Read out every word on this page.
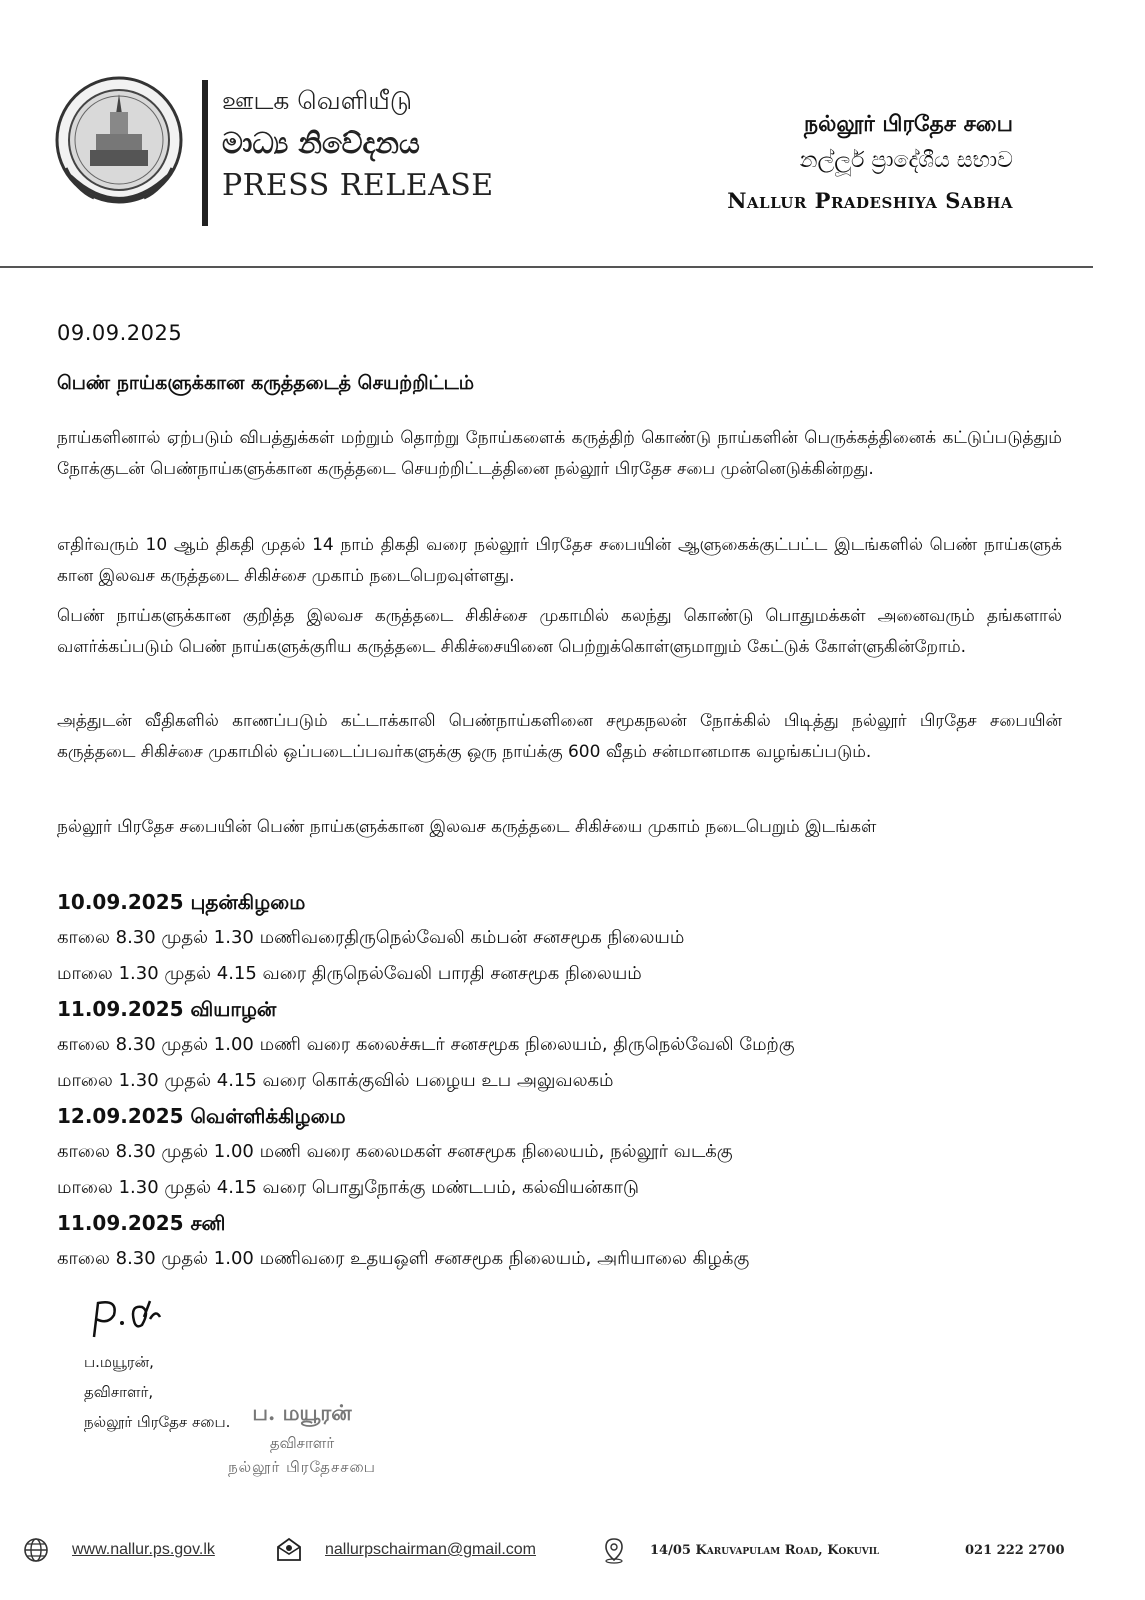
ஊடக வெளியீடு
මාධ්‍ය නිවේදනය
PRESS RELEASE
நல்லூர் பிரதேச சபை
නල්ලූර් ප්‍රාදේශීය සභාව
Nallur Pradeshiya Sabha
09.09.2025
பெண் நாய்களுக்கான கருத்தடைத் செயற்றிட்டம்

நாய்களினால் ஏற்படும் விபத்துக்கள் மற்றும் தொற்று நோய்களைக் கருத்திற் கொண்டு நாய்களின் பெருக்கத்தினைக் கட்டுப்படுத்தும் நோக்குடன் பெண்நாய்களுக்கான கருத்தடை செயற்றிட்டத்தினை நல்லூர் பிரதேச சபை முன்னெடுக்கின்றது.

எதிர்வரும் 10 ஆம் திகதி முதல் 14 நாம் திகதி வரை நல்லூர் பிரதேச சபையின் ஆளுகைக்குட்பட்ட இடங்களில் பெண் நாய்களுக் கான இலவச கருத்தடை சிகிச்சை முகாம் நடைபெறவுள்ளது.

பெண் நாய்களுக்கான குறித்த இலவச கருத்தடை சிகிச்சை முகாமில் கலந்து கொண்டு பொதுமக்கள் அனைவரும் தங்களால் வளர்க்கப்படும் பெண் நாய்களுக்குரிய கருத்தடை சிகிச்சையினை பெற்றுக்கொள்ளுமாறும் கேட்டுக் கோள்ளுகின்றோம்.

அத்துடன் வீதிகளில் காணப்படும் கட்டாக்காலி பெண்நாய்களினை சமூகநலன் நோக்கில் பிடித்து நல்லூர் பிரதேச சபையின் கருத்தடை சிகிச்சை முகாமில் ஒப்படைப்பவர்களுக்கு ஒரு நாய்க்கு 600 வீதம் சன்மானமாக வழங்கப்படும்.

நல்லூர் பிரதேச சபையின் பெண் நாய்களுக்கான இலவச கருத்தடை சிகிச்யை முகாம் நடைபெறும் இடங்கள்

10.09.2025 புதன்கிழமை
காலை 8.30 முதல் 1.30 மணிவரைதிருநெல்வேலி கம்பன் சனசமூக நிலையம்
மாலை 1.30 முதல் 4.15 வரை திருநெல்வேலி பாரதி சனசமூக நிலையம்
11.09.2025 வியாழன்
காலை 8.30 முதல் 1.00 மணி வரை கலைச்சுடர் சனசமூக நிலையம், திருநெல்வேலி மேற்கு
மாலை 1.30 முதல் 4.15 வரை கொக்குவில் பழைய உப அலுவலகம்
12.09.2025 வெள்ளிக்கிழமை
காலை 8.30 முதல் 1.00 மணி வரை கலைமகள் சனசமூக நிலையம், நல்லூர் வடக்கு
மாலை 1.30 முதல் 4.15 வரை பொதுநோக்கு மண்டபம், கல்வியன்காடு
11.09.2025 சனி
காலை 8.30 முதல் 1.00 மணிவரை உதயஒளி சனசமூக நிலையம், அரியாலை கிழக்கு
ப.மயூரன்,
தவிசாளர்,
நல்லூர் பிரதேச சபை.	ப. மயூரன்
தவிசாளர்
நல்லூர் பிரதேசசபை
www.nallur.ps.gov.lk	nallurpschairman@gmail.com	14/05 Karuvapulam Road, Kokuvil	021 222 2700
